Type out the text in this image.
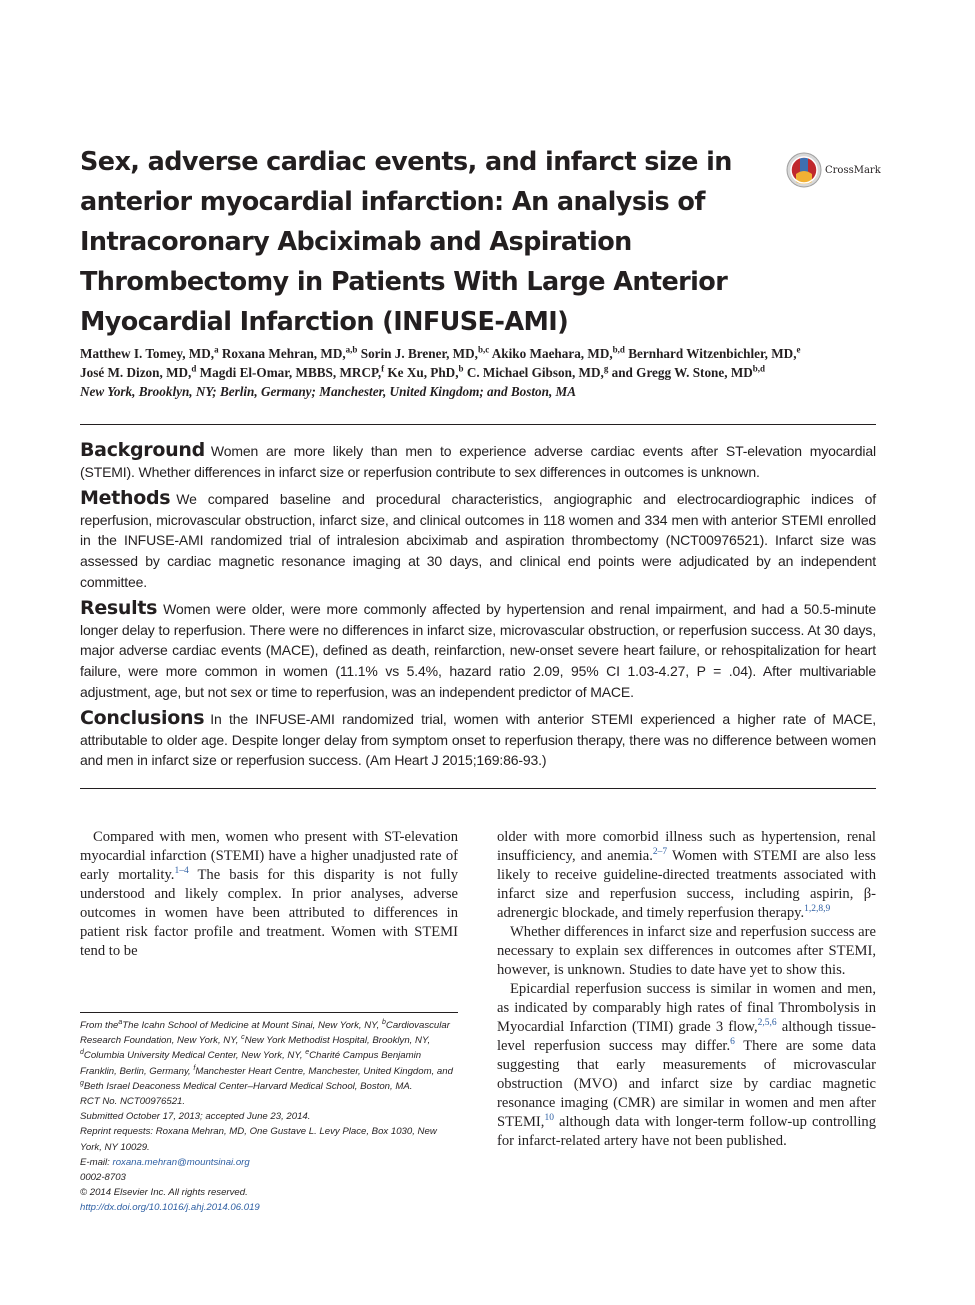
Sex, adverse cardiac events, and infarct size in anterior myocardial infarction: An analysis of Intracoronary Abciximab and Aspiration Thrombectomy in Patients With Large Anterior Myocardial Infarction (INFUSE-AMI)
CrossMark
Matthew I. Tomey, MD,$^a$ Roxana Mehran, MD,$^{a,b}$ Sorin J. Brener, MD,$^{b,c}$ Akiko Maehara, MD,$^{b,d}$ Bernhard Witzenbichler, MD,$^e$
José M. Dizon, MD,$^d$ Magdi El-Omar, MBBS, MRCP,$^f$ Ke Xu, PhD,$^b$ C. Michael Gibson, MD,$^g$ and Gregg W. Stone, MD$^{b,d}$
New York, Brooklyn, NY; Berlin, Germany; Manchester, United Kingdom; and Boston, MA

Background Women are more likely than men to experience adverse cardiac events after ST-elevation myocardial (STEMI). Whether differences in infarct size or reperfusion contribute to sex differences in outcomes is unknown.

Methods We compared baseline and procedural characteristics, angiographic and electrocardiographic indices of reperfusion, microvascular obstruction, infarct size, and clinical outcomes in 118 women and 334 men with anterior STEMI enrolled in the INFUSE-AMI randomized trial of intralesion abciximab and aspiration thrombectomy (NCT00976521). Infarct size was assessed by cardiac magnetic resonance imaging at 30 days, and clinical end points were adjudicated by an independent committee.

Results Women were older, were more commonly affected by hypertension and renal impairment, and had a 50.5-minute longer delay to reperfusion. There were no differences in infarct size, microvascular obstruction, or reperfusion success. At 30 days, major adverse cardiac events (MACE), defined as death, reinfarction, new-onset severe heart failure, or rehospitalization for heart failure, were more common in women (11.1% vs 5.4%, hazard ratio 2.09, 95% CI 1.03-4.27, P = .04). After multivariable adjustment, age, but not sex or time to reperfusion, was an independent predictor of MACE.

Conclusions In the INFUSE-AMI randomized trial, women with anterior STEMI experienced a higher rate of MACE, attributable to older age. Despite longer delay from symptom onset to reperfusion therapy, there was no difference between women and men in infarct size or reperfusion success. (Am Heart J 2015;169:86-93.)

Compared with men, women who present with ST-elevation myocardial infarction (STEMI) have a higher unadjusted rate of early mortality.$^{1-4}$ The basis for this disparity is not fully understood and likely complex. In prior analyses, adverse outcomes in women have been attributed to differences in patient risk factor profile and treatment. Women with STEMI tend to be

From the$^a$The Icahn School of Medicine at Mount Sinai, New York, NY, $^b$Cardiovascular Research Foundation, New York, NY, $^c$New York Methodist Hospital, Brooklyn, NY, $^d$Columbia University Medical Center, New York, NY, $^e$Charité Campus Benjamin Franklin, Berlin, Germany, $^f$Manchester Heart Centre, Manchester, United Kingdom, and $^g$Beth Israel Deaconess Medical Center–Harvard Medical School, Boston, MA.
RCT No. NCT00976521.
Submitted October 17, 2013; accepted June 23, 2014.
Reprint requests: Roxana Mehran, MD, One Gustave L. Levy Place, Box 1030, New York, NY 10029.
E-mail: roxana.mehran@mountsinai.org
0002-8703
© 2014 Elsevier Inc. All rights reserved.
http://dx.doi.org/10.1016/j.ahj.2014.06.019

older with more comorbid illness such as hypertension, renal insufficiency, and anemia.$^{2-7}$ Women with STEMI are also less likely to receive guideline-directed treatments associated with infarct size and reperfusion success, including aspirin, β-adrenergic blockade, and timely reperfusion therapy.$^{1,2,8,9}$

Whether differences in infarct size and reperfusion success are necessary to explain sex differences in outcomes after STEMI, however, is unknown. Studies to date have yet to show this.

Epicardial reperfusion success is similar in women and men, as indicated by comparably high rates of final Thrombolysis in Myocardial Infarction (TIMI) grade 3 flow,$^{2,5,6}$ although tissue-level reperfusion success may differ.$^6$ There are some data suggesting that early measurements of microvascular obstruction (MVO) and infarct size by cardiac magnetic resonance imaging (CMR) are similar in women and men after STEMI,$^{10}$ although data with longer-term follow-up controlling for infarct-related artery have not been published.
